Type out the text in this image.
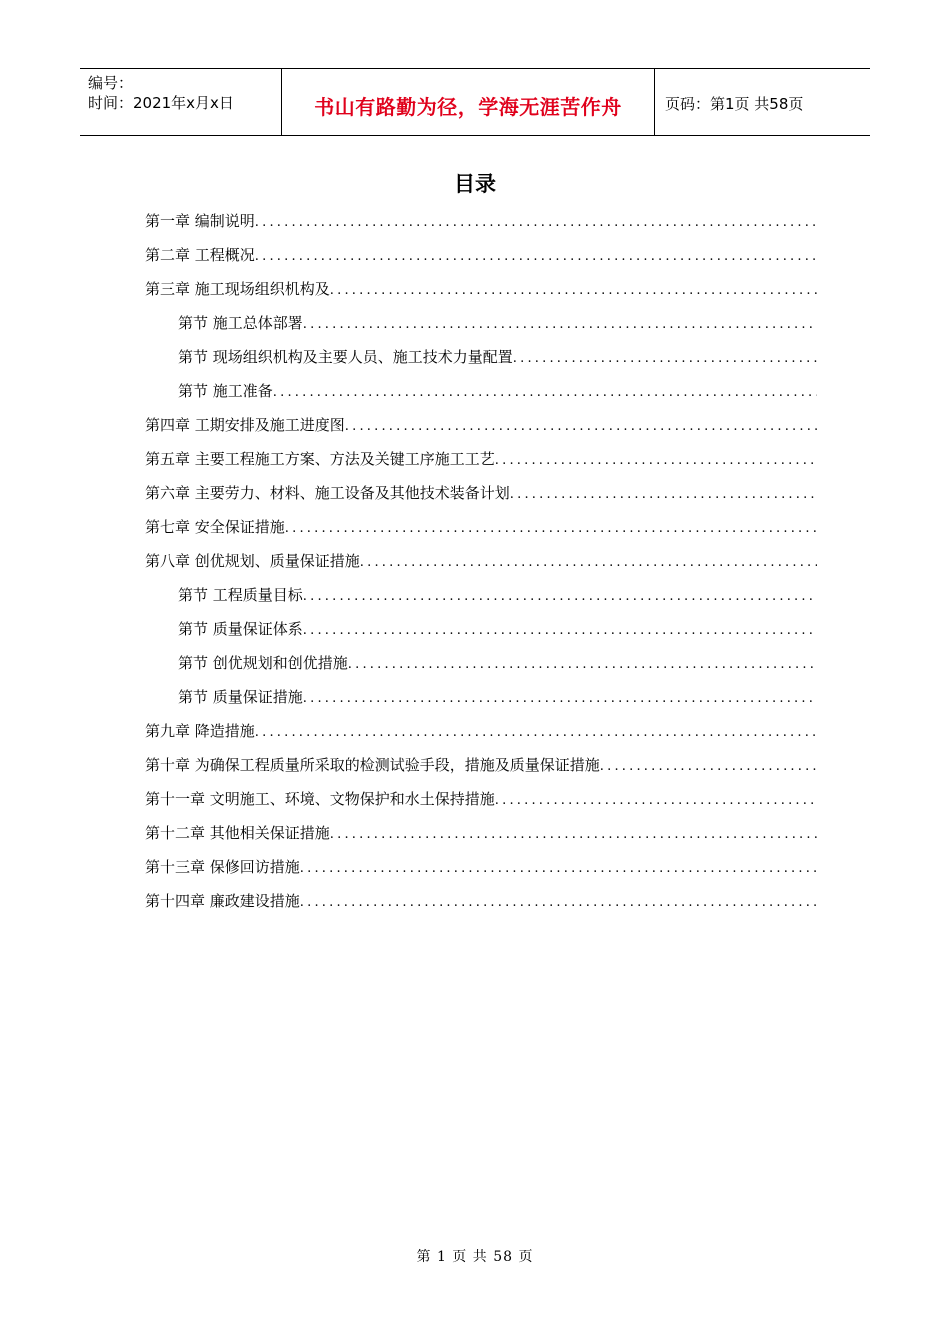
编号：
时间：2021年x月x日	书山有路勤为径，学海无涯苦作舟	页码：第1页 共58页
目录
第一章 编制说明
.....
第二章 工程概况
.....
第三章 施工现场组织机构及
.....
第节 施工总体部署
.....
第节 现场组织机构及主要人员、施工技术力量配置
.....
第节 施工准备
.....
第四章 工期安排及施工进度图
.....
第五章 主要工程施工方案、方法及关键工序施工工艺
.....
第六章 主要劳力、材料、施工设备及其他技术装备计划
.....
第七章 安全保证措施
.....
第八章 创优规划、质量保证措施
.....
第节 工程质量目标
.....
第节 质量保证体系
.....
第节 创优规划和创优措施
.....
第节 质量保证措施
.....
第九章 降造措施
.....
第十章 为确保工程质量所采取的检测试验手段，措施及质量保证措施
.....
第十一章 文明施工、环境、文物保护和水土保持措施
.....
第十二章 其他相关保证措施
.....
第十三章 保修回访措施
.....
第十四章 廉政建设措施
.....
第 1 页 共 58 页
